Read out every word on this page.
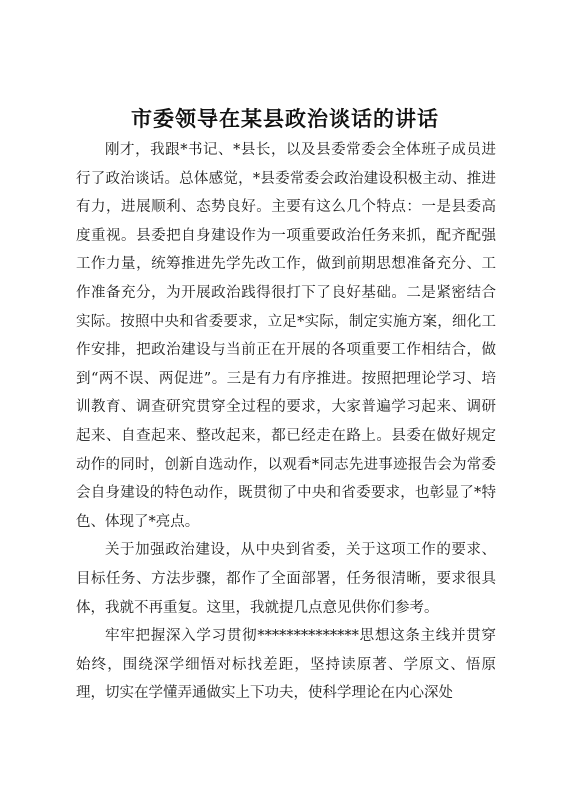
市委领导在某县政治谈话的讲话

刚才，我跟*书记、*县长，以及县委常委会全体班子成员进行了政治谈话。总体感觉，*县委常委会政治建设积极主动、推进有力，进展顺利、态势良好。主要有这么几个特点：一是县委高度重视。县委把自身建设作为一项重要政治任务来抓，配齐配强工作力量，统筹推进先学先改工作，做到前期思想准备充分、工作准备充分，为开展政治践得很打下了良好基础。二是紧密结合实际。按照中央和省委要求，立足*实际，制定实施方案，细化工作安排，把政治建设与当前正在开展的各项重要工作相结合，做到“两不误、两促进”。三是有力有序推进。按照把理论学习、培训教育、调查研究贯穿全过程的要求，大家普遍学习起来、调研起来、自查起来、整改起来，都已经走在路上。县委在做好规定动作的同时，创新自选动作，以观看*同志先进事迹报告会为常委会自身建设的特色动作，既贯彻了中央和省委要求，也彰显了*特色、体现了*亮点。

关于加强政治建设，从中央到省委，关于这项工作的要求、目标任务、方法步骤，都作了全面部署，任务很清晰，要求很具体，我就不再重复。这里，我就提几点意见供你们参考。

牢牢把握深入学习贯彻**************思想这条主线并贯穿始终，围绕深学细悟对标找差距，坚持读原著、学原文、悟原理，切实在学懂弄通做实上下功夫，使科学理论在内心深处
